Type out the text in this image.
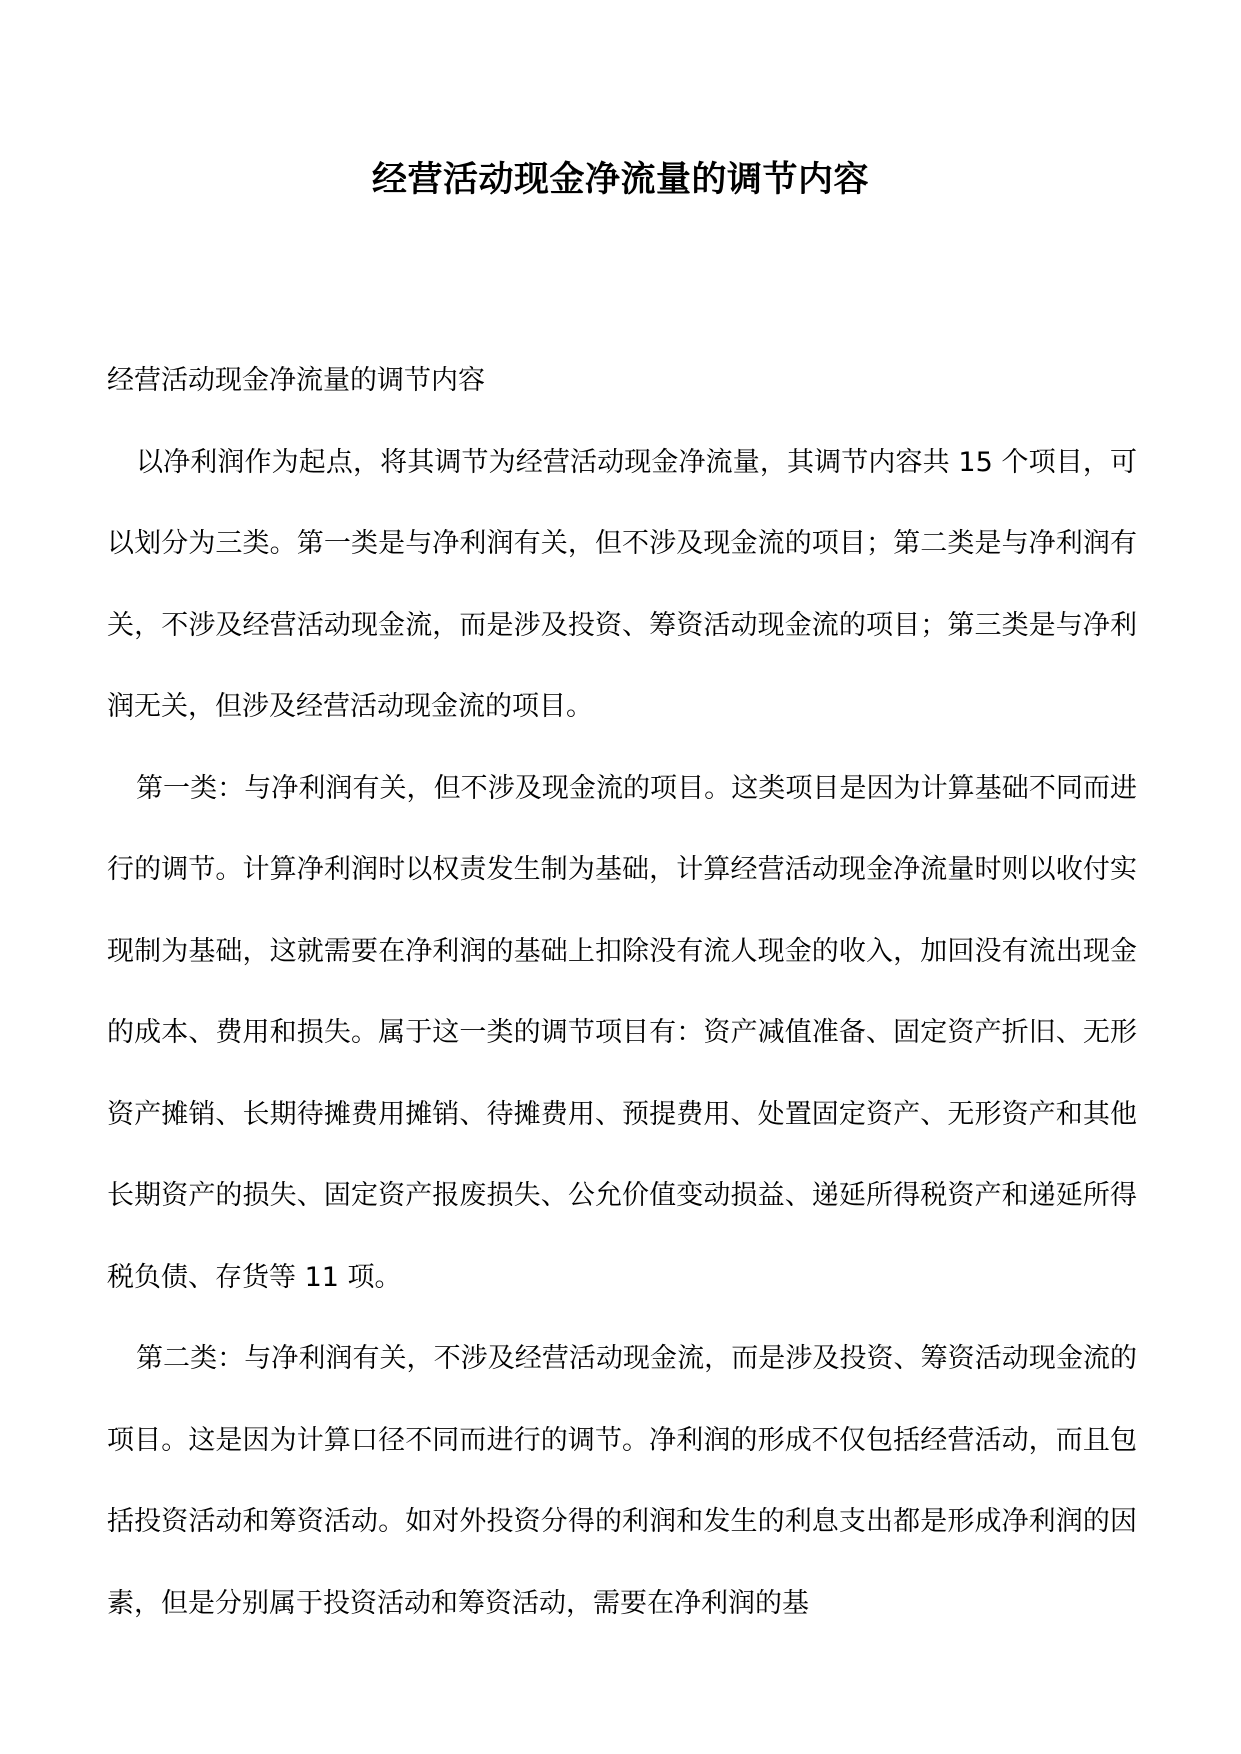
经营活动现金净流量的调节内容

经营活动现金净流量的调节内容

以净利润作为起点，将其调节为经营活动现金净流量，其调节内容共 15 个项目，可以划分为三类。第一类是与净利润有关，但不涉及现金流的项目；第二类是与净利润有关，不涉及经营活动现金流，而是涉及投资、筹资活动现金流的项目；第三类是与净利润无关，但涉及经营活动现金流的项目。

第一类：与净利润有关，但不涉及现金流的项目。这类项目是因为计算基础不同而进行的调节。计算净利润时以权责发生制为基础，计算经营活动现金净流量时则以收付实现制为基础，这就需要在净利润的基础上扣除没有流人现金的收入，加回没有流出现金的成本、费用和损失。属于这一类的调节项目有：资产减值准备、固定资产折旧、无形资产摊销、长期待摊费用摊销、待摊费用、预提费用、处置固定资产、无形资产和其他长期资产的损失、固定资产报废损失、公允价值变动损益、递延所得税资产和递延所得税负债、存货等 11 项。

第二类：与净利润有关，不涉及经营活动现金流，而是涉及投资、筹资活动现金流的项目。这是因为计算口径不同而进行的调节。净利润的形成不仅包括经营活动，而且包括投资活动和筹资活动。如对外投资分得的利润和发生的利息支出都是形成净利润的因素，但是分别属于投资活动和筹资活动，需要在净利润的基
